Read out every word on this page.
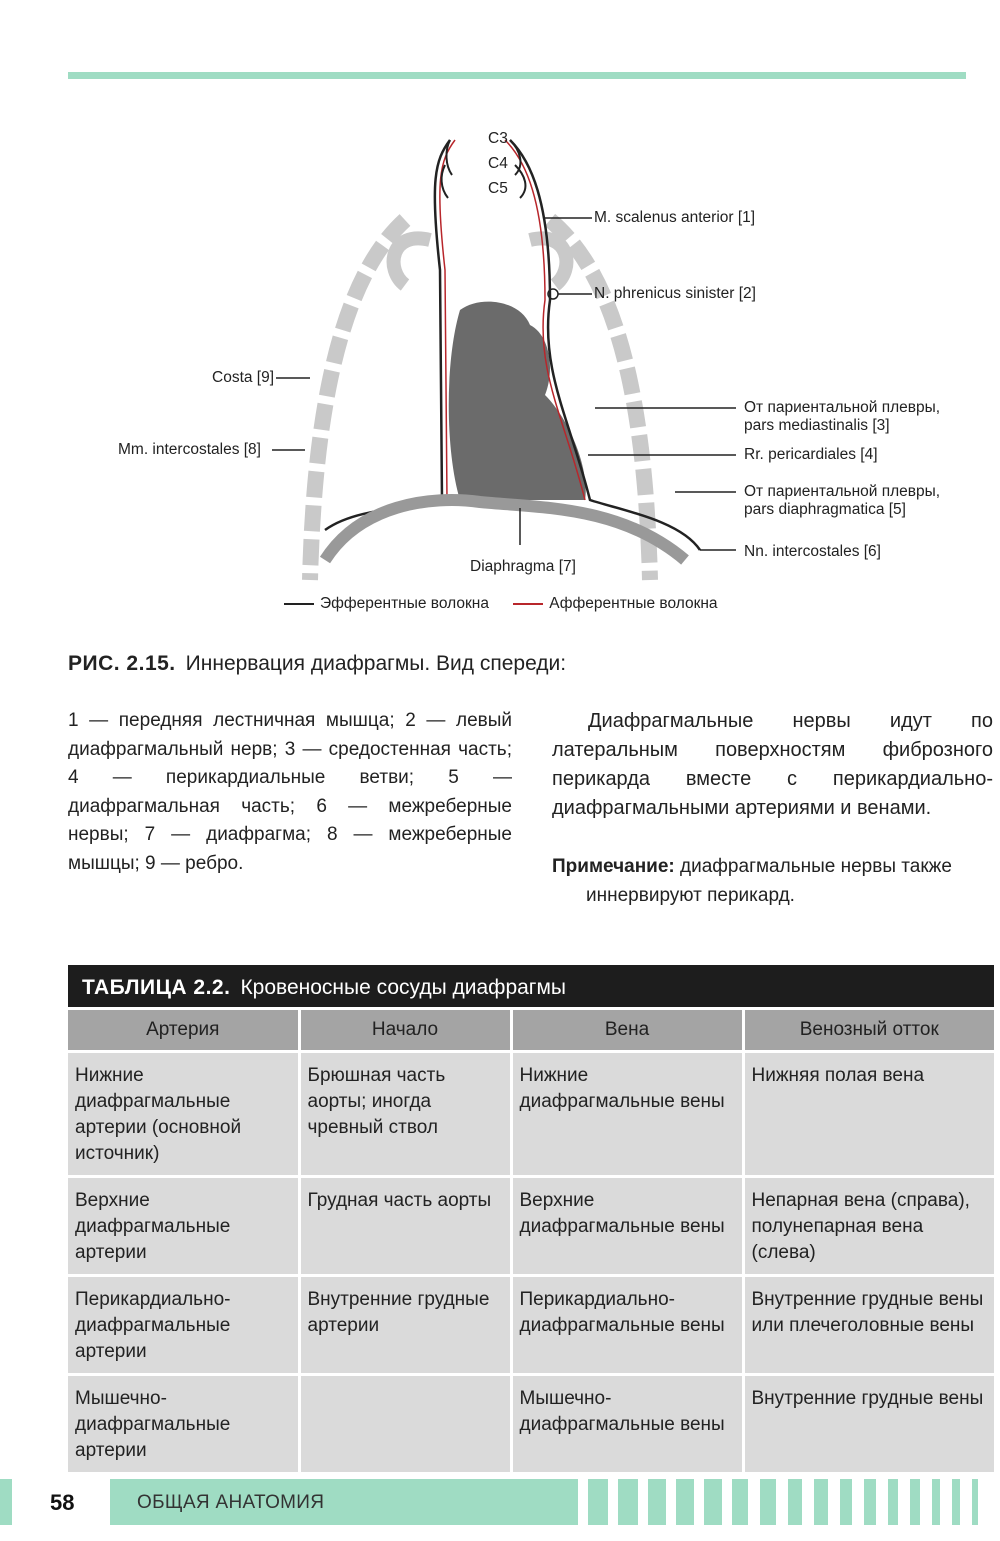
C3
C4
C5
M. scalenus anterior [1]
N. phrenicus sinister [2]
Costa [9]
Mm. intercostales [8]
От париентальной плевры,
pars mediastinalis [3]
Rr. pericardiales [4]
От париентальной плевры,
pars diaphragmatica [5]
Nn. intercostales [6]
Diaphragma [7]
Эфферентные волокна	Афферентные волокна
РИС. 2.15. Иннервация диафрагмы. Вид спереди:
1 — передняя лестничная мышца; 2 — левый диафрагмальный нерв; 3 — средостенная часть; 4 — перикардиальные ветви; 5 — диафрагмальная часть; 6 — межреберные нервы; 7 — диафрагма; 8 — межреберные мышцы; 9 — ребро.
Диафрагмальные нервы идут по латеральным поверхностям фиброзного перикарда вместе с перикардиально-диафрагмальными артериями и венами.
Примечание: диафрагмальные нервы также
иннервируют перикард.
ТАБЛИЦА 2.2. Кровеносные сосуды диафрагмы
Артерия	Начало	Вена	Венозный отток
Нижние диафрагмальные артерии (основной источник)	Брюшная часть аорты; иногда чревный ствол	Нижние диафрагмальные вены	Нижняя полая вена
Верхние диафрагмальные артерии	Грудная часть аорты	Верхние диафрагмальные вены	Непарная вена (справа), полунепарная вена (слева)
Перикардиально-диафрагмальные артерии	Внутренние грудные артерии	Перикардиально-диафрагмальные вены	Внутренние грудные вены или плечеголовные вены
Мышечно-диафрагмальные артерии		Мышечно-диафрагмальные вены	Внутренние грудные вены
58	ОБЩАЯ АНАТОМИЯ
